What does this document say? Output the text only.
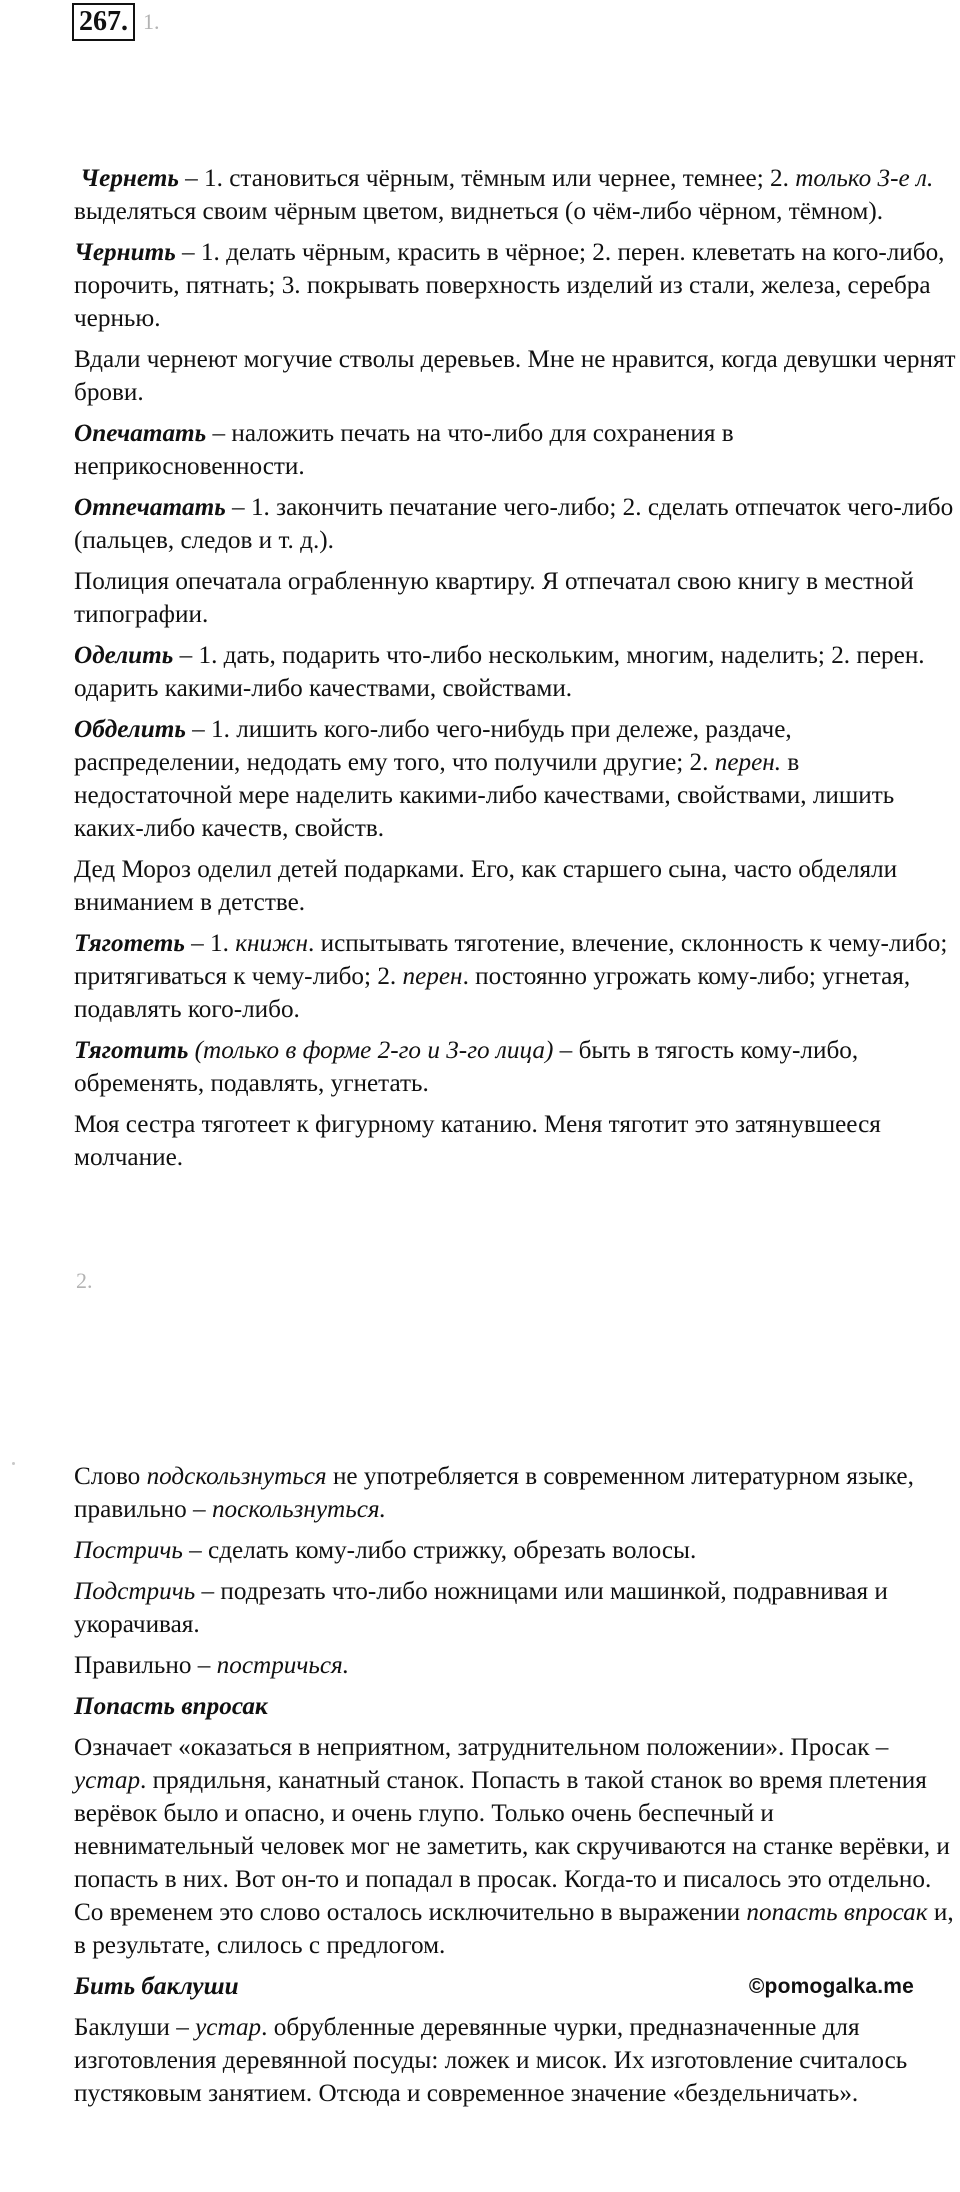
267. 1.

Чернеть – 1. становиться чёрным, тёмным или чернее, темнее; 2. только 3-е л. выделяться своим чёрным цветом, виднеться (о чём-либо чёрном, тёмном).

Чернить – 1. делать чёрным, красить в чёрное; 2. перен. клеветать на кого-либо, порочить, пятнать; 3. покрывать поверхность изделий из стали, железа, серебра чернью.

Вдали чернеют могучие стволы деревьев. Мне не нравится, когда девушки чернят брови.

Опечатать – наложить печать на что-либо для сохранения в неприкосновенности.

Отпечатать – 1. закончить печатание чего-либо; 2. сделать отпечаток чего-либо (пальцев, следов и т. д.).

Полиция опечатала ограбленную квартиру. Я отпечатал свою книгу в местной типографии.

Оделить – 1. дать, подарить что-либо нескольким, многим, наделить; 2. перен. одарить какими-либо качествами, свойствами.

Обделить – 1. лишить кого-либо чего-нибудь при дележе, раздаче, распределении, недодать ему того, что получили другие; 2. перен. в недостаточной мере наделить какими-либо качествами, свойствами, лишить каких-либо качеств, свойств.

Дед Мороз оделил детей подарками. Его, как старшего сына, часто обделяли вниманием в детстве.

Тяготеть – 1. книжн. испытывать тяготение, влечение, склонность к чему-либо; притягиваться к чему-либо; 2. перен. постоянно угрожать кому-либо; угнетая, подавлять кого-либо.

Тяготить (только в форме 2-го и 3-го лица) – быть в тягость кому-либо, обременять, подавлять, угнетать.

Моя сестра тяготеет к фигурному катанию. Меня тяготит это затянувшееся молчание.

2.

Слово подскользнуться не употребляется в современном литературном языке, правильно – поскользнуться.

Постричь – сделать кому-либо стрижку, обрезать волосы.

Подстричь – подрезать что-либо ножницами или машинкой, подравнивая и укорачивая.

Правильно – постричься.

Попасть впросак

Означает «оказаться в неприятном, затруднительном положении». Просак – устар. прядильня, канатный станок. Попасть в такой станок во время плетения верёвок было и опасно, и очень глупо. Только очень беспечный и невнимательный человек мог не заметить, как скручиваются на станке верёвки, и попасть в них. Вот он-то и попадал в просак. Когда-то и писалось это отдельно. Со временем это слово осталось исключительно в выражении попасть впросак и, в результате, слилось с предлогом.

Бить баклуши	©pomogalka.me

Баклуши – устар. обрубленные деревянные чурки, предназначенные для изготовления деревянной посуды: ложек и мисок. Их изготовление считалось пустяковым занятием. Отсюда и современное значение «бездельничать».
